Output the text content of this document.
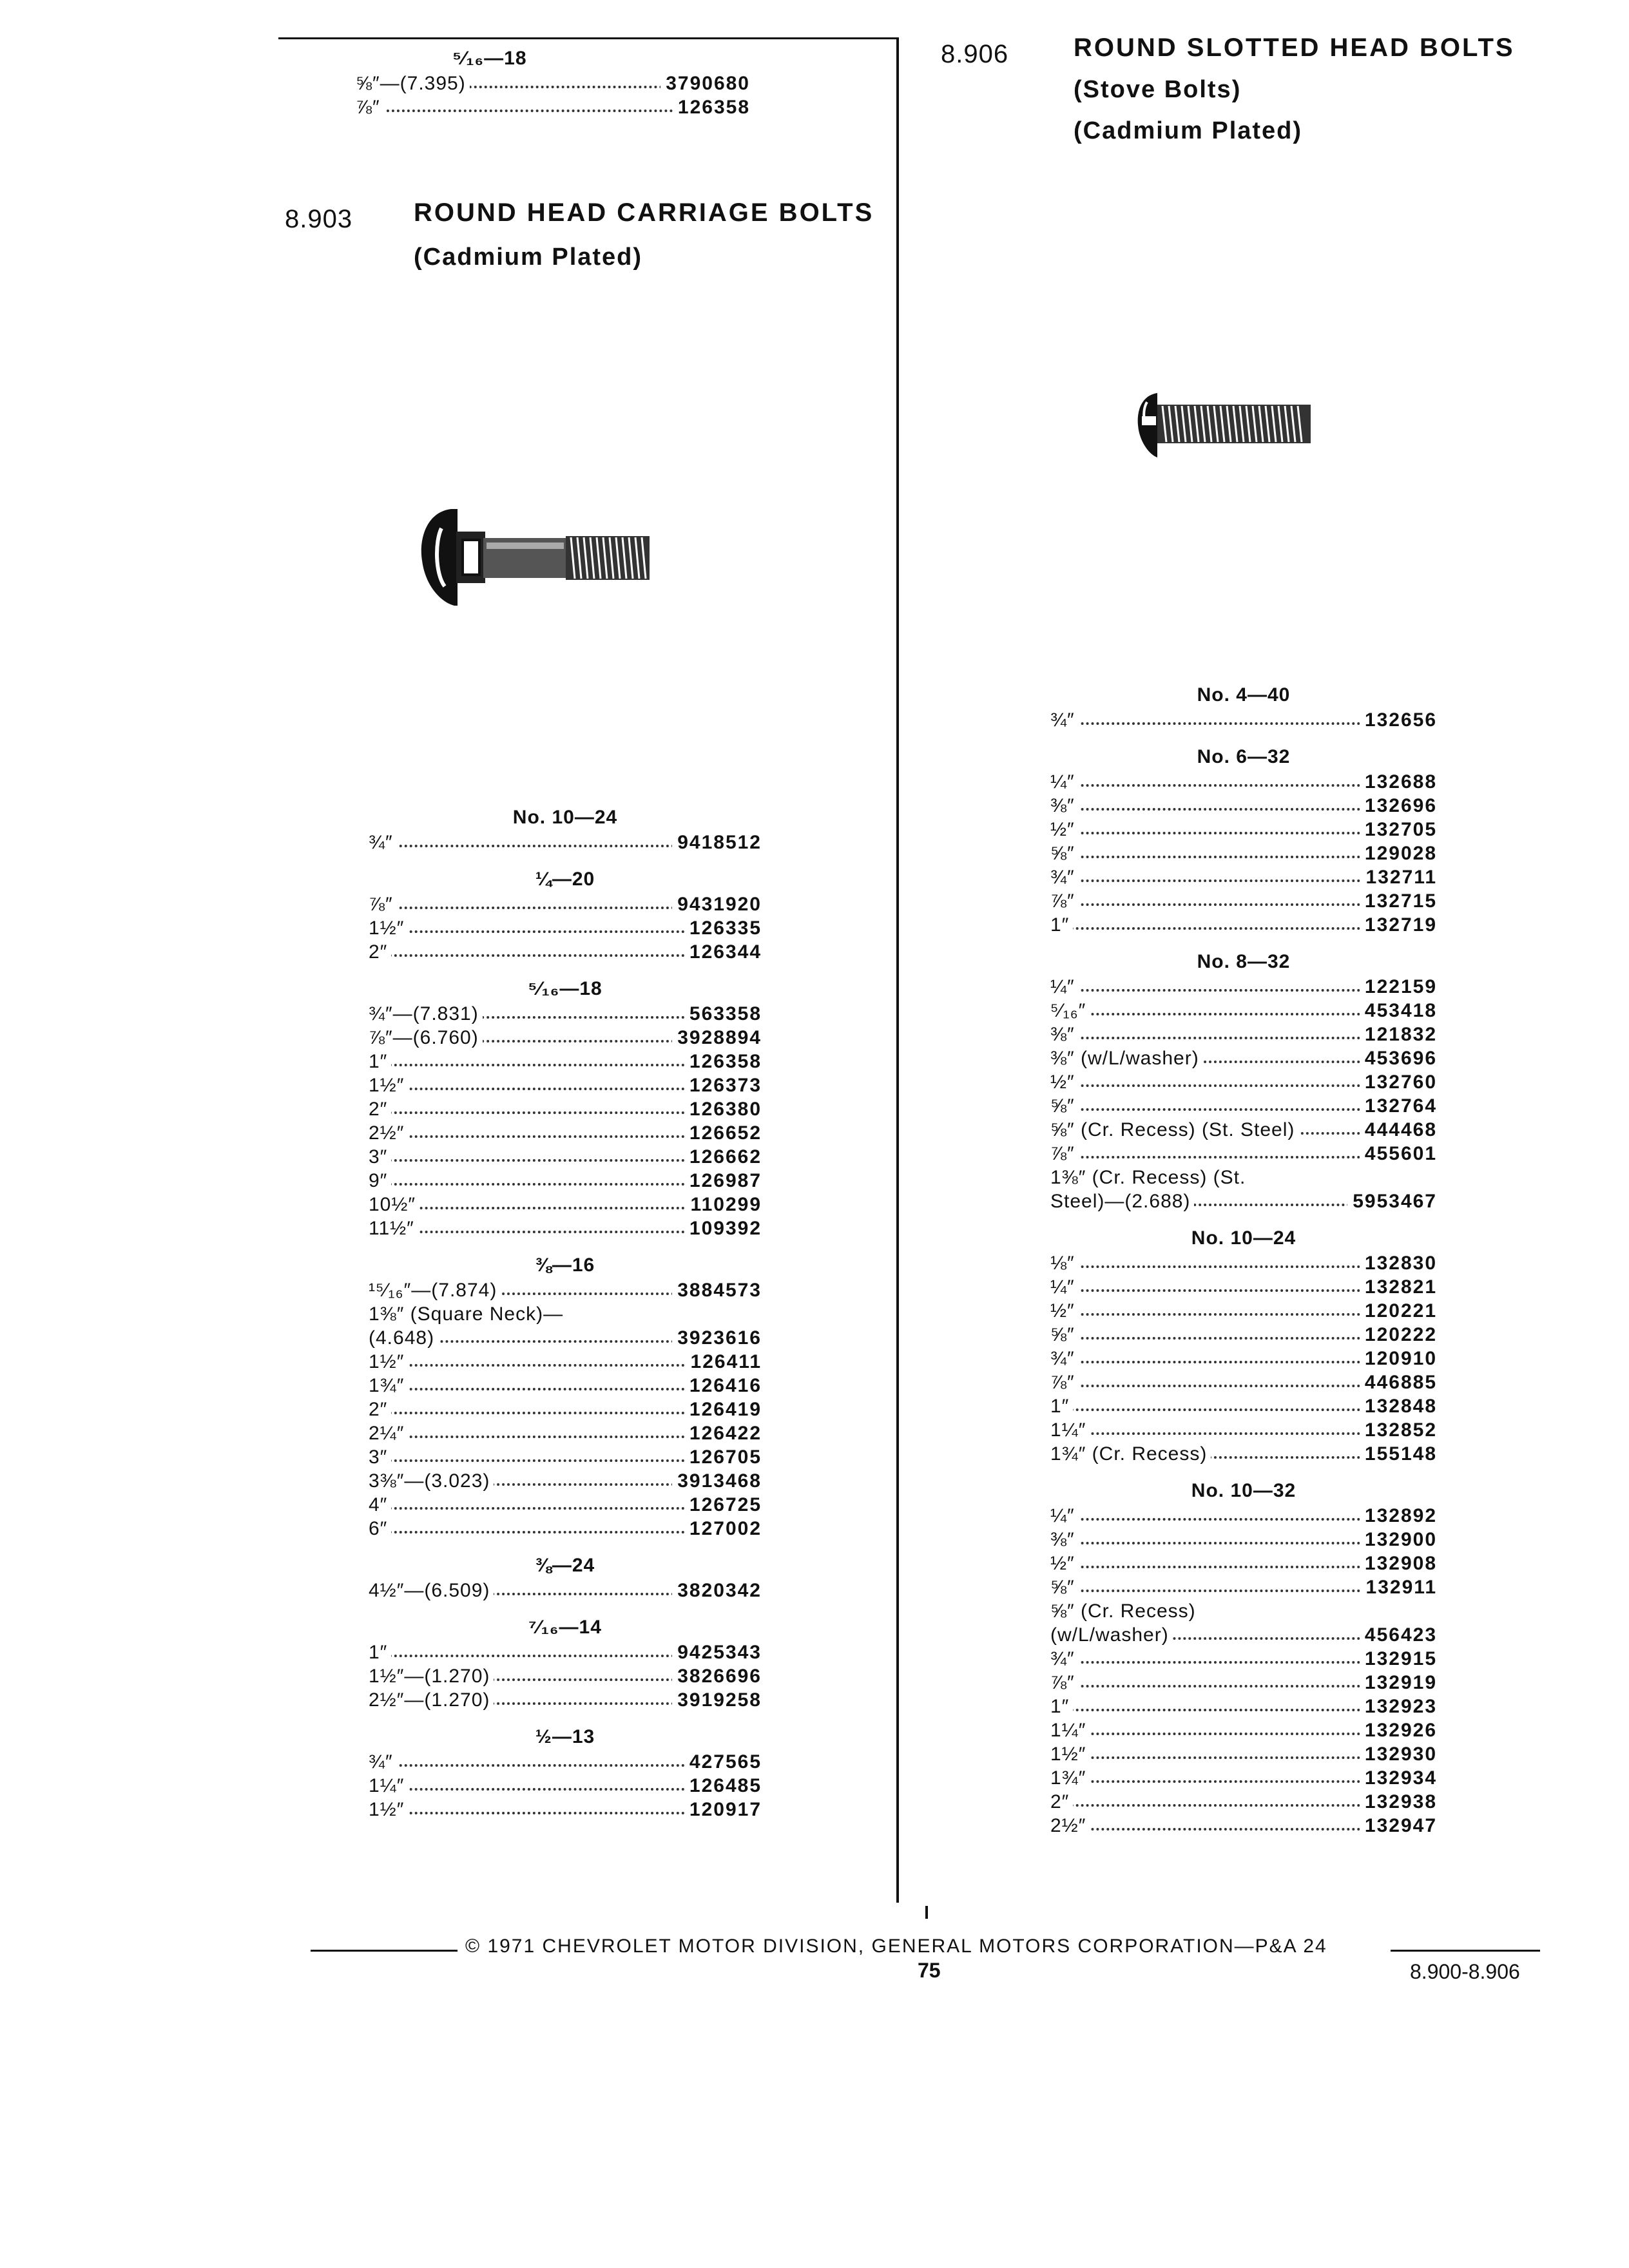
⁵⁄₁₆—18
⅝″—(7.395)	3790680
⅞″	126358
8.903 ROUND HEAD CARRIAGE BOLTS
(Cadmium Plated)
No. 10—24
¾″	9418512
¼—20
⅞″	9431920
1½″	126335
2″	126344
⁵⁄₁₆—18
¾″—(7.831)	563358
⅞″—(6.760)	3928894
1″	126358
1½″	126373
2″	126380
2½″	126652
3″	126662
9″	126987
10½″	110299
11½″	109392
⅜—16
¹⁵⁄₁₆″—(7.874)	3884573
1⅜″ (Square Neck)—
(4.648)	3923616
1½″	126411
1¾″	126416
2″	126419
2¼″	126422
3″	126705
3⅜″—(3.023)	3913468
4″	126725
6″	127002
⅜—24
4½″—(6.509)	3820342
⁷⁄₁₆—14
1″	9425343
1½″—(1.270)	3826696
2½″—(1.270)	3919258
½—13
¾″	427565
1¼″	126485
1½″	120917
8.906	ROUND SLOTTED HEAD BOLTS
(Stove Bolts)
(Cadmium Plated)
No. 4—40
¾″	132656
No. 6—32
¼″	132688
⅜″	132696
½″	132705
⅝″	129028
¾″	132711
⅞″	132715
1″	132719
No. 8—32
¼″	122159
⁵⁄₁₆″	453418
⅜″	121832
⅜″ (w/L/washer)	453696
½″	132760
⅝″	132764
⅝″ (Cr. Recess) (St. Steel)	444468
⅞″	455601
1⅜″ (Cr. Recess) (St.
Steel)—(2.688)	5953467
No. 10—24
⅛″	132830
¼″	132821
½″	120221
⅝″	120222
¾″	120910
⅞″	446885
1″	132848
1¼″	132852
1¾″ (Cr. Recess)	155148
No. 10—32
¼″	132892
⅜″	132900
½″	132908
⅝″	132911
⅝″ (Cr. Recess)
(w/L/washer)	456423
¾″	132915
⅞″	132919
1″	132923
1¼″	132926
1½″	132930
1¾″	132934
2″	132938
2½″	132947
© 1971 CHEVROLET MOTOR DIVISION, GENERAL MOTORS CORPORATION—P&A 24
75	8.900-8.906
